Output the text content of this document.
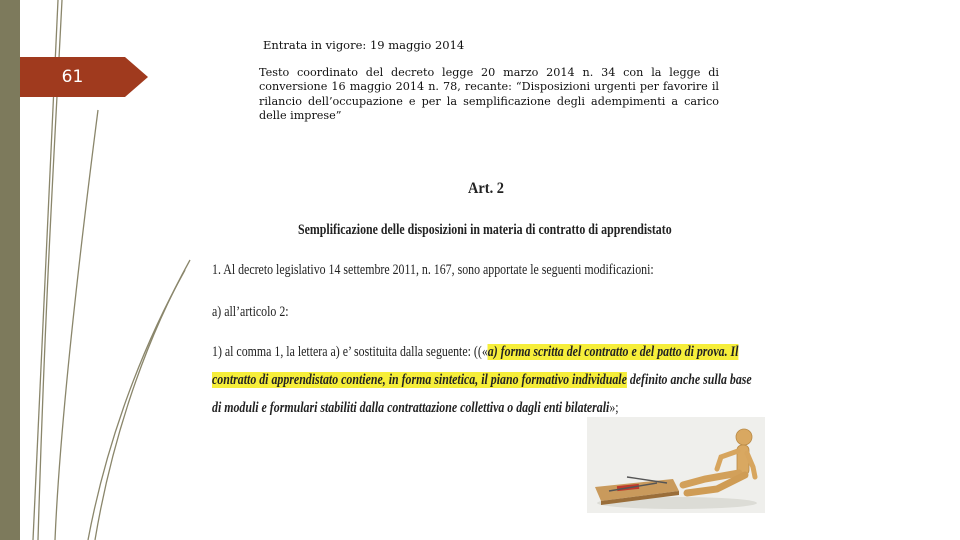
61
Entrata in vigore: 19 maggio 2014

Testo coordinato del decreto legge 20 marzo 2014 n. 34 con la legge di conversione 16 maggio 2014 n. 78, recante: “Disposizioni urgenti per favorire il rilancio dell’occupazione e per la semplificazione degli adempimenti a carico delle imprese”

Art. 2
Semplificazione delle disposizioni in materia di contratto di apprendistato
1. Al decreto legislativo 14 settembre 2011, n. 167, sono apportate le seguenti modificazioni:
a) all’articolo 2:
1) al comma 1, la lettera a) e’ sostituita dalla seguente: ((«a) forma scritta del contratto e del patto di prova. Il
contratto di apprendistato contiene, in forma sintetica, il piano formativo individuale definito anche sulla base
di moduli e formulari stabiliti dalla contrattazione collettiva o dagli enti bilaterali»;
